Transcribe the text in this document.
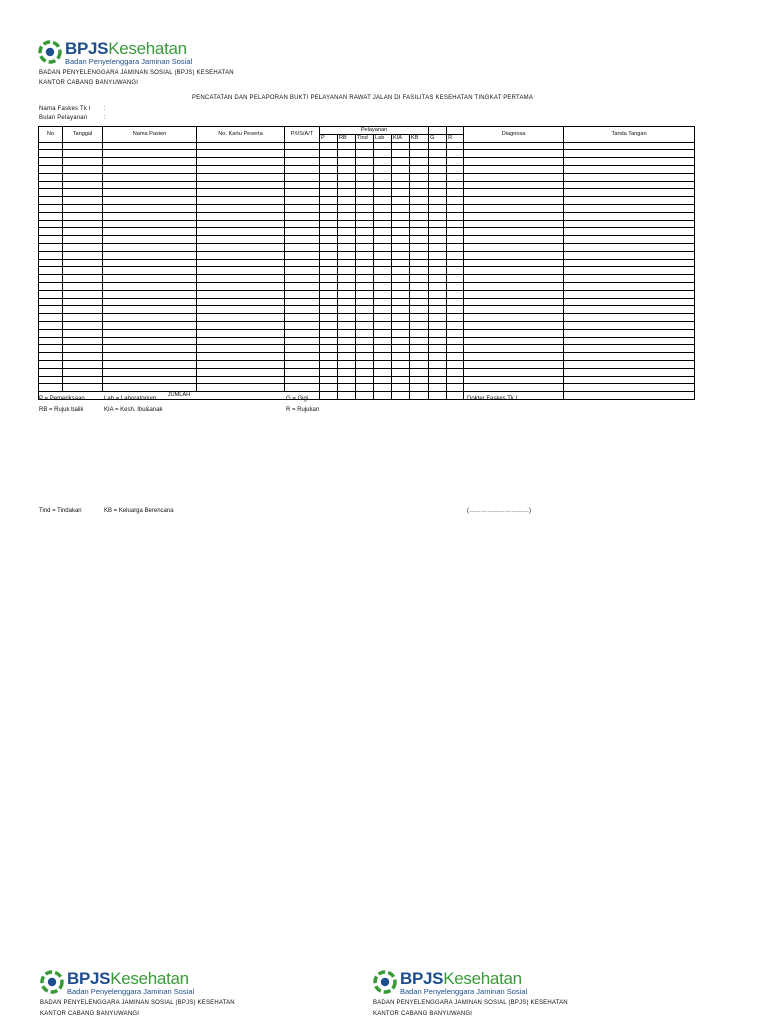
BPJSKesehatan
Badan Penyelenggara Jaminan Sosial
BADAN PENYELENGGARA JAMINAN SOSIAL (BPJS) KESEHATAN
KANTOR CABANG BANYUWANGI
PENCATATAN DAN PELAPORAN BUKTI PELAYANAN RAWAT JALAN DI FASILITAS KESEHATAN TINGKAT PERTAMA
Nama Faskes Tk I :
Bulan Pelayanan	:
No	Tanggal	Nama Pasien	No. Kartu Peserta	P/I/S/A/T	Pelayanan								Diagnosa	Tanda Tangan
					P	RB	Tind	Lab	KIA	KB	G	R		

JUMLAH														
P = Pemeriksaan	Lab = Laboratorium	G = Gigi	Dokter Faskes Tk I
RB = Rujuk balik	KIA = Kesh. Ibu&anak	R = Rujukan
Tind = Tindakan	KB = Keluarga Berencana	(…………………………)
BPJSKesehatan
Badan Penyelenggara Jaminan Sosial
BADAN PENYELENGGARA JAMINAN SOSIAL (BPJS) KESEHATAN
KANTOR CABANG BANYUWANGI
BPJSKesehatan
Badan Penyelenggara Jaminan Sosial
BADAN PENYELENGGARA JAMINAN SOSIAL (BPJS) KESEHATAN
KANTOR CABANG BANYUWANGI
